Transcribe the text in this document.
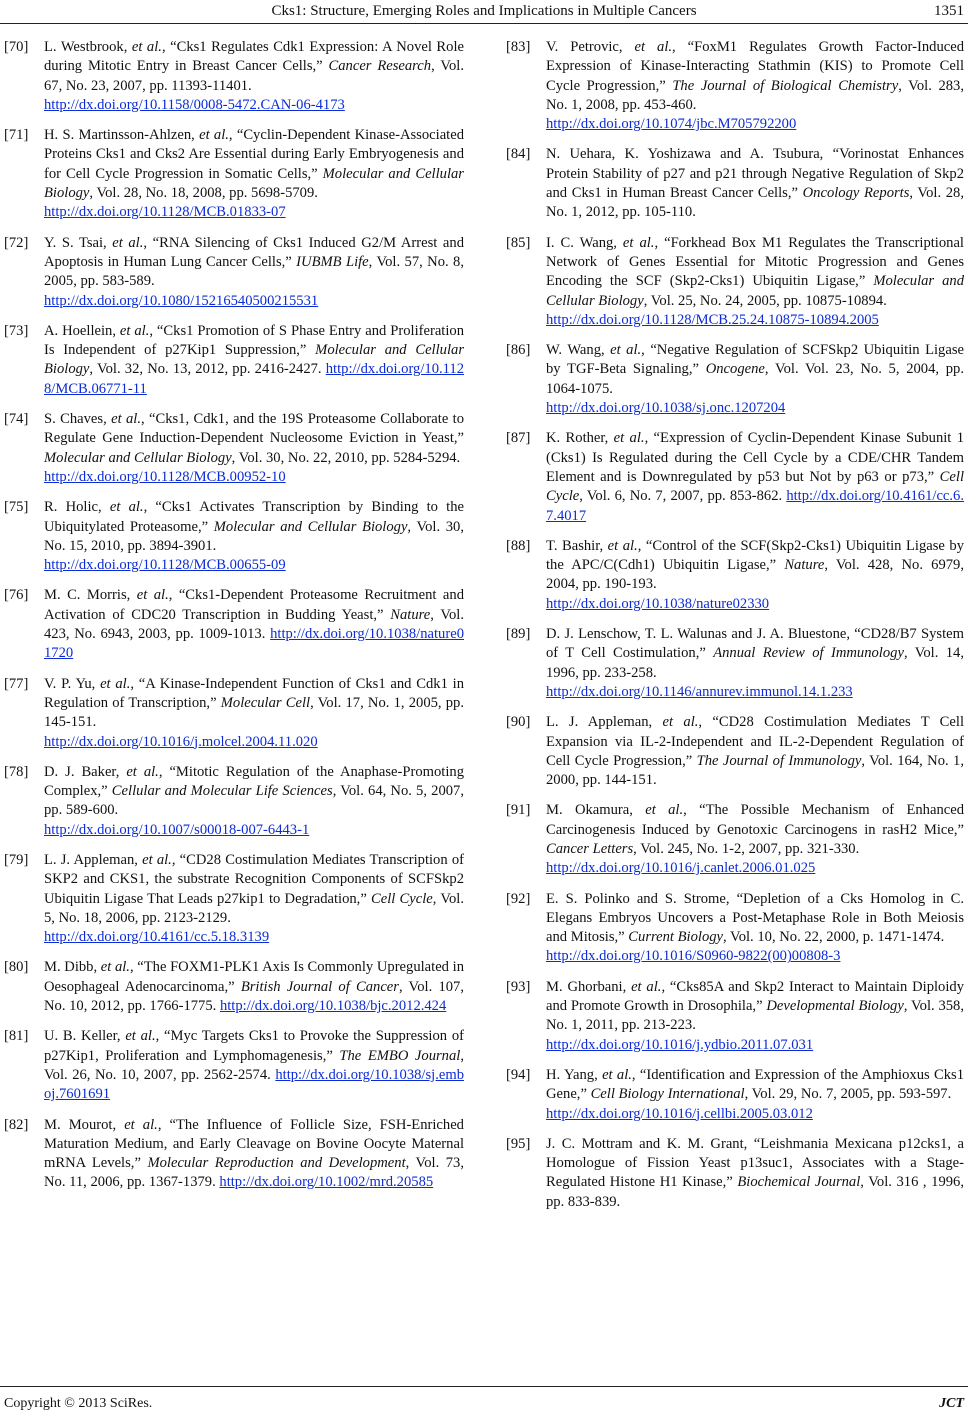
Cks1: Structure, Emerging Roles and Implications in Multiple Cancers	1351
[70] L. Westbrook, et al., “Cks1 Regulates Cdk1 Expression: A Novel Role during Mitotic Entry in Breast Cancer Cells,” Cancer Research, Vol. 67, No. 23, 2007, pp. 11393-11401.
http://dx.doi.org/10.1158/0008-5472.CAN-06-4173
[71] H. S. Martinsson-Ahlzen, et al., “Cyclin-Dependent Kinase-Associated Proteins Cks1 and Cks2 Are Essential during Early Embryogenesis and for Cell Cycle Progression in Somatic Cells,” Molecular and Cellular Biology, Vol. 28, No. 18, 2008, pp. 5698-5709.
http://dx.doi.org/10.1128/MCB.01833-07
[72] Y. S. Tsai, et al., “RNA Silencing of Cks1 Induced G2/M Arrest and Apoptosis in Human Lung Cancer Cells,” IUBMB Life, Vol. 57, No. 8, 2005, pp. 583-589.
http://dx.doi.org/10.1080/15216540500215531
[73] A. Hoellein, et al., “Cks1 Promotion of S Phase Entry and Proliferation Is Independent of p27Kip1 Suppression,” Molecular and Cellular Biology, Vol. 32, No. 13, 2012, pp. 2416-2427. http://dx.doi.org/10.1128/MCB.06771-11
[74] S. Chaves, et al., “Cks1, Cdk1, and the 19S Proteasome Collaborate to Regulate Gene Induction-Dependent Nucleosome Eviction in Yeast,” Molecular and Cellular Biology, Vol. 30, No. 22, 2010, pp. 5284-5294.
http://dx.doi.org/10.1128/MCB.00952-10
[75] R. Holic, et al., “Cks1 Activates Transcription by Binding to the Ubiquitylated Proteasome,” Molecular and Cellular Biology, Vol. 30, No. 15, 2010, pp. 3894-3901.
http://dx.doi.org/10.1128/MCB.00655-09
[76] M. C. Morris, et al., “Cks1-Dependent Proteasome Recruitment and Activation of CDC20 Transcription in Budding Yeast,” Nature, Vol. 423, No. 6943, 2003, pp. 1009-1013. http://dx.doi.org/10.1038/nature01720
[77] V. P. Yu, et al., “A Kinase-Independent Function of Cks1 and Cdk1 in Regulation of Transcription,” Molecular Cell, Vol. 17, No. 1, 2005, pp. 145-151.
http://dx.doi.org/10.1016/j.molcel.2004.11.020
[78] D. J. Baker, et al., “Mitotic Regulation of the Anaphase-Promoting Complex,” Cellular and Molecular Life Sciences, Vol. 64, No. 5, 2007, pp. 589-600.
http://dx.doi.org/10.1007/s00018-007-6443-1
[79] L. J. Appleman, et al., “CD28 Costimulation Mediates Transcription of SKP2 and CKS1, the substrate Recognition Components of SCFSkp2 Ubiquitin Ligase That Leads p27kip1 to Degradation,” Cell Cycle, Vol. 5, No. 18, 2006, pp. 2123-2129.
http://dx.doi.org/10.4161/cc.5.18.3139
[80] M. Dibb, et al., “The FOXM1-PLK1 Axis Is Commonly Upregulated in Oesophageal Adenocarcinoma,” British Journal of Cancer, Vol. 107, No. 10, 2012, pp. 1766-1775. http://dx.doi.org/10.1038/bjc.2012.424
[81] U. B. Keller, et al., “Myc Targets Cks1 to Provoke the Suppression of p27Kip1, Proliferation and Lymphomagenesis,” The EMBO Journal, Vol. 26, No. 10, 2007, pp. 2562-2574. http://dx.doi.org/10.1038/sj.emboj.7601691
[82] M. Mourot, et al., “The Influence of Follicle Size, FSH-Enriched Maturation Medium, and Early Cleavage on Bovine Oocyte Maternal mRNA Levels,” Molecular Reproduction and Development, Vol. 73, No. 11, 2006, pp. 1367-1379. http://dx.doi.org/10.1002/mrd.20585
[83] V. Petrovic, et al., “FoxM1 Regulates Growth Factor-Induced Expression of Kinase-Interacting Stathmin (KIS) to Promote Cell Cycle Progression,” The Journal of Biological Chemistry, Vol. 283, No. 1, 2008, pp. 453-460.
http://dx.doi.org/10.1074/jbc.M705792200
[84] N. Uehara, K. Yoshizawa and A. Tsubura, “Vorinostat Enhances Protein Stability of p27 and p21 through Negative Regulation of Skp2 and Cks1 in Human Breast Cancer Cells,” Oncology Reports, Vol. 28, No. 1, 2012, pp. 105-110.
[85] I. C. Wang, et al., “Forkhead Box M1 Regulates the Transcriptional Network of Genes Essential for Mitotic Progression and Genes Encoding the SCF (Skp2-Cks1) Ubiquitin Ligase,” Molecular and Cellular Biology, Vol. 25, No. 24, 2005, pp. 10875-10894.
http://dx.doi.org/10.1128/MCB.25.24.10875-10894.2005
[86] W. Wang, et al., “Negative Regulation of SCFSkp2 Ubiquitin Ligase by TGF-Beta Signaling,” Oncogene, Vol. Vol. 23, No. 5, 2004, pp. 1064-1075.
http://dx.doi.org/10.1038/sj.onc.1207204
[87] K. Rother, et al., “Expression of Cyclin-Dependent Kinase Subunit 1 (Cks1) Is Regulated during the Cell Cycle by a CDE/CHR Tandem Element and is Downregulated by p53 but Not by p63 or p73,” Cell Cycle, Vol. 6, No. 7, 2007, pp. 853-862. http://dx.doi.org/10.4161/cc.6.7.4017
[88] T. Bashir, et al., “Control of the SCF(Skp2-Cks1) Ubiquitin Ligase by the APC/C(Cdh1) Ubiquitin Ligase,” Nature, Vol. 428, No. 6979, 2004, pp. 190-193.
http://dx.doi.org/10.1038/nature02330
[89] D. J. Lenschow, T. L. Walunas and J. A. Bluestone, “CD28/B7 System of T Cell Costimulation,” Annual Review of Immunology, Vol. 14, 1996, pp. 233-258.
http://dx.doi.org/10.1146/annurev.immunol.14.1.233
[90] L. J. Appleman, et al., “CD28 Costimulation Mediates T Cell Expansion via IL-2-Independent and IL-2-Dependent Regulation of Cell Cycle Progression,” The Journal of Immunology, Vol. 164, No. 1, 2000, pp. 144-151.
[91] M. Okamura, et al., “The Possible Mechanism of Enhanced Carcinogenesis Induced by Genotoxic Carcinogens in rasH2 Mice,” Cancer Letters, Vol. 245, No. 1-2, 2007, pp. 321-330.
http://dx.doi.org/10.1016/j.canlet.2006.01.025
[92] E. S. Polinko and S. Strome, “Depletion of a Cks Homolog in C. Elegans Embryos Uncovers a Post-Metaphase Role in Both Meiosis and Mitosis,” Current Biology, Vol. 10, No. 22, 2000, p. 1471-1474.
http://dx.doi.org/10.1016/S0960-9822(00)00808-3
[93] M. Ghorbani, et al., “Cks85A and Skp2 Interact to Maintain Diploidy and Promote Growth in Drosophila,” Developmental Biology, Vol. 358, No. 1, 2011, pp. 213-223.
http://dx.doi.org/10.1016/j.ydbio.2011.07.031
[94] H. Yang, et al., “Identification and Expression of the Amphioxus Cks1 Gene,” Cell Biology International, Vol. 29, No. 7, 2005, pp. 593-597.
http://dx.doi.org/10.1016/j.cellbi.2005.03.012
[95] J. C. Mottram and K. M. Grant, “Leishmania Mexicana p12cks1, a Homologue of Fission Yeast p13suc1, Associates with a Stage-Regulated Histone H1 Kinase,” Biochemical Journal, Vol. 316 , 1996, pp. 833-839.
Copyright © 2013 SciRes.	JCT
